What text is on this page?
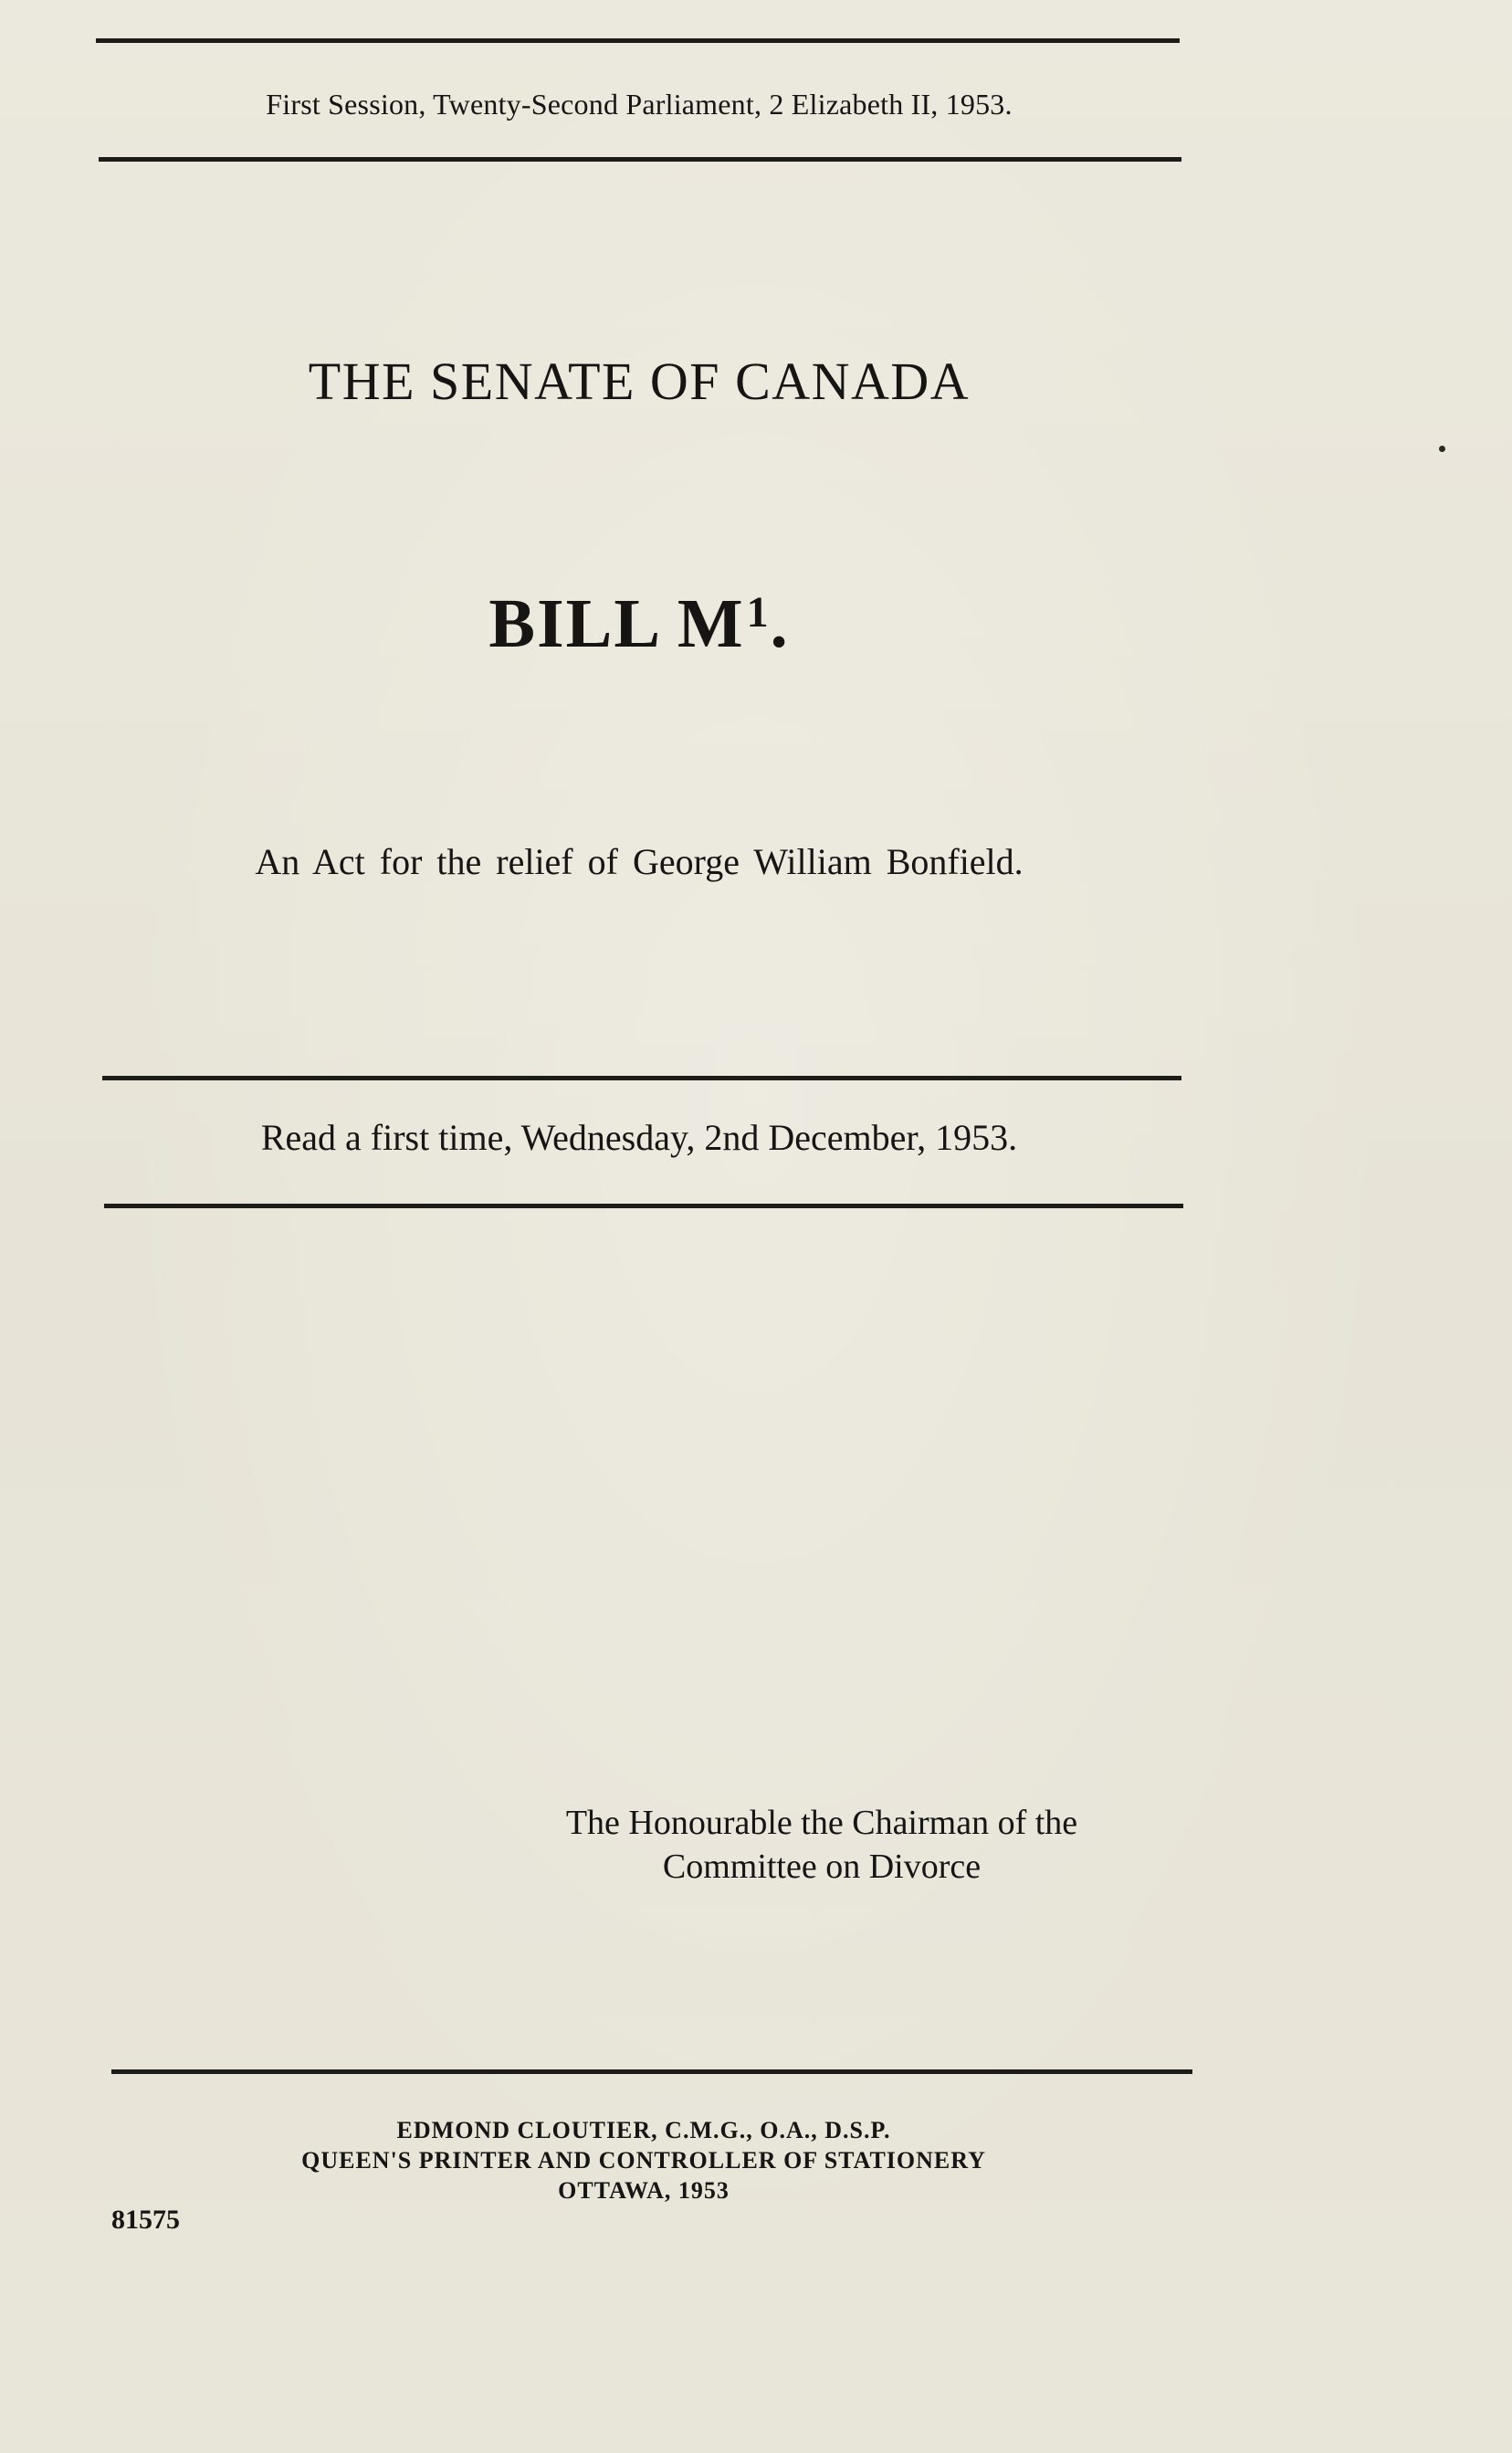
First Session, Twenty-Second Parliament, 2 Elizabeth II, 1953.
THE SENATE OF CANADA
BILL $M^1$.
An Act for the relief of George William Bonfield.
Read a first time, Wednesday, 2nd December, 1953.
The Honourable the Chairman of the
Committee on Divorce
EDMOND CLOUTIER, C.M.G., O.A., D.S.P.
QUEEN'S PRINTER AND CONTROLLER OF STATIONERY
OTTAWA, 1953
81575
